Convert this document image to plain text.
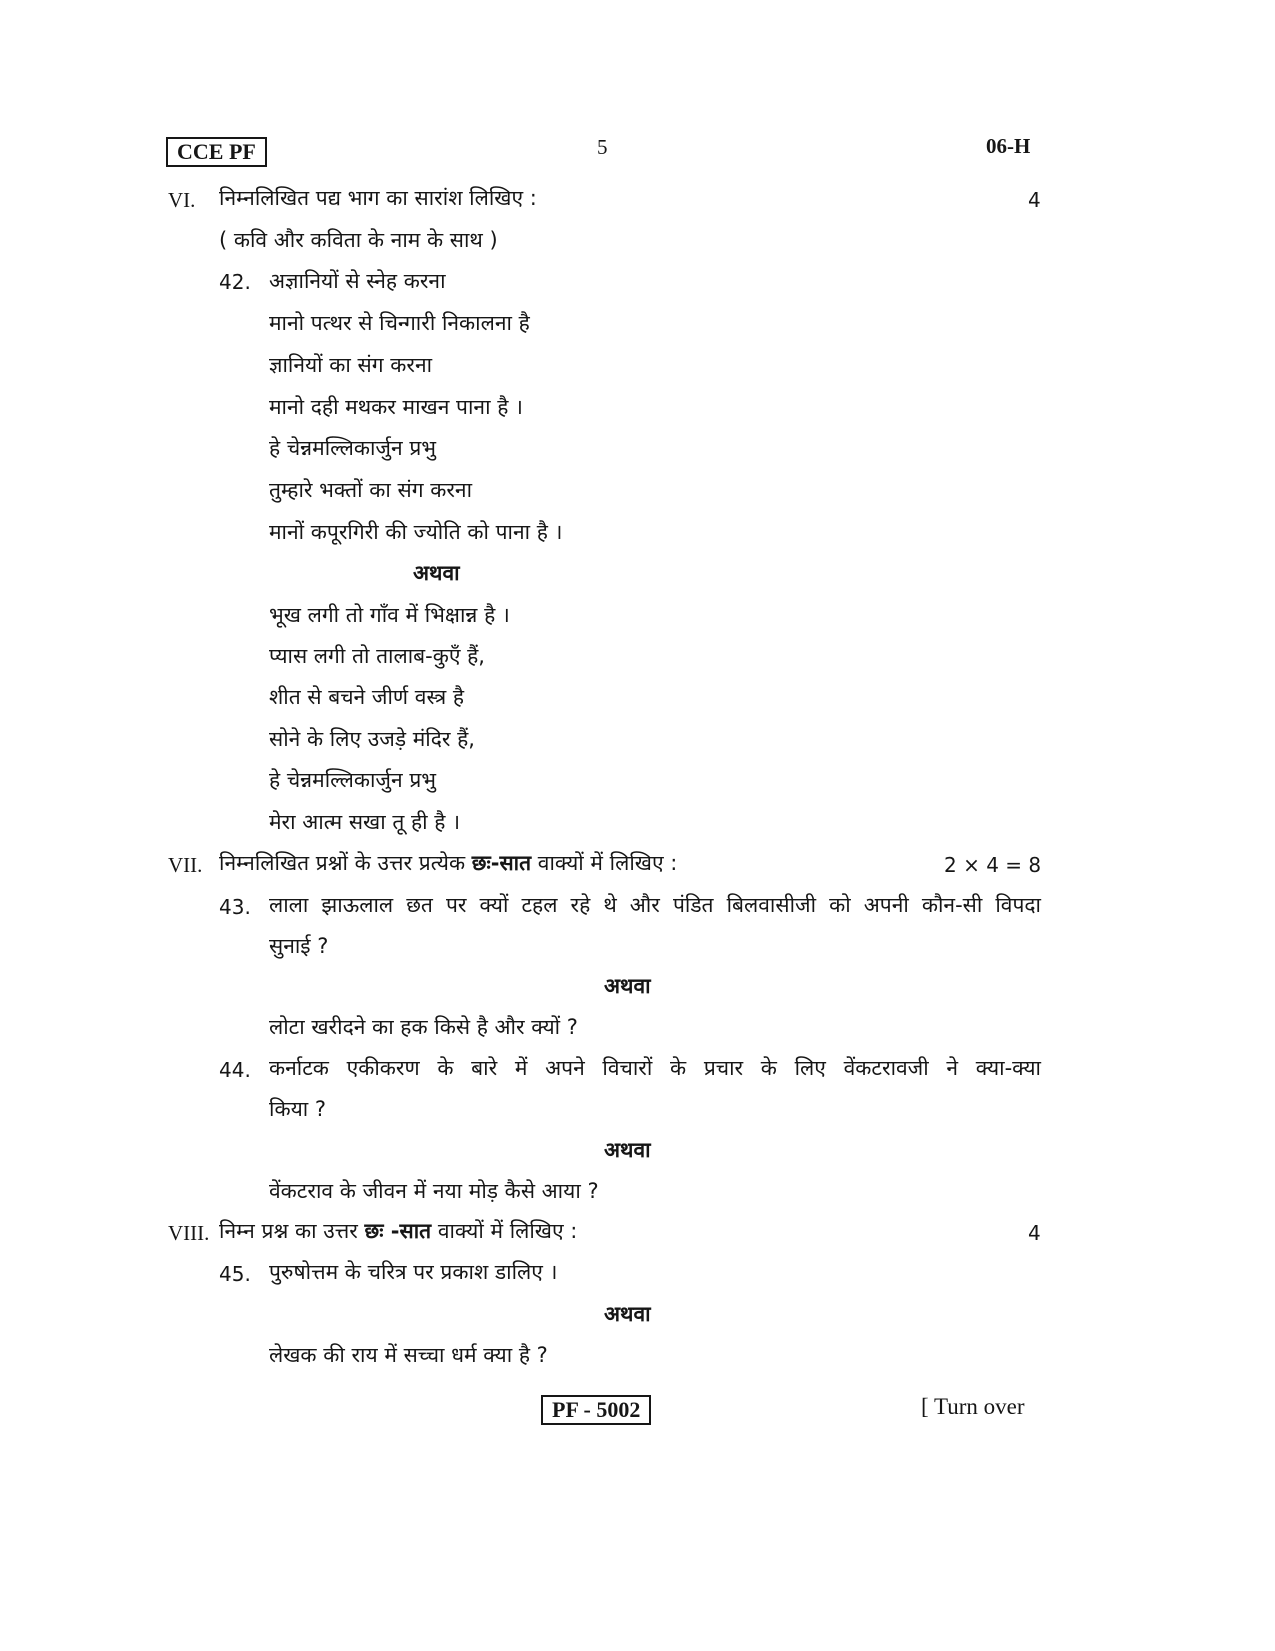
CCE PF	5	06-H
VI. निम्नलिखित पद्य भाग का सारांश लिखिए :	4
( कवि और कविता के नाम के साथ )
42. अज्ञानियों से स्नेह करना
मानो पत्थर से चिन्गारी निकालना है
ज्ञानियों का संग करना
मानो दही मथकर माखन पाना है ।
हे चेन्नमल्लिकार्जुन प्रभु
तुम्हारे भक्तों का संग करना
मानों कपूरगिरी की ज्योति को पाना है ।
अथवा
भूख लगी तो गाँव में भिक्षान्न है ।
प्यास लगी तो तालाब-कुएँ हैं,
शीत से बचने जीर्ण वस्त्र है
सोने के लिए उजड़े मंदिर हैं,
हे चेन्नमल्लिकार्जुन प्रभु
मेरा आत्म सखा तू ही है ।
VII. निम्नलिखित प्रश्नों के उत्तर प्रत्येक छः-सात वाक्यों में लिखिए :	2 × 4 = 8
43. लाला झाऊलाल छत पर क्यों टहल रहे थे और पंडित बिलवासीजी को अपनी कौन-सी विपदा
सुनाई ?
अथवा
लोटा खरीदने का हक किसे है और क्यों ?
44. कर्नाटक एकीकरण के बारे में अपने विचारों के प्रचार के लिए वेंकटरावजी ने क्या-क्या
किया ?
अथवा
वेंकटराव के जीवन में नया मोड़ कैसे आया ?
VIII. निम्न प्रश्न का उत्तर छः -सात वाक्यों में लिखिए :	4
45. पुरुषोत्तम के चरित्र पर प्रकाश डालिए ।
अथवा
लेखक की राय में सच्चा धर्म क्या है ?
PF - 5002	[ Turn over
